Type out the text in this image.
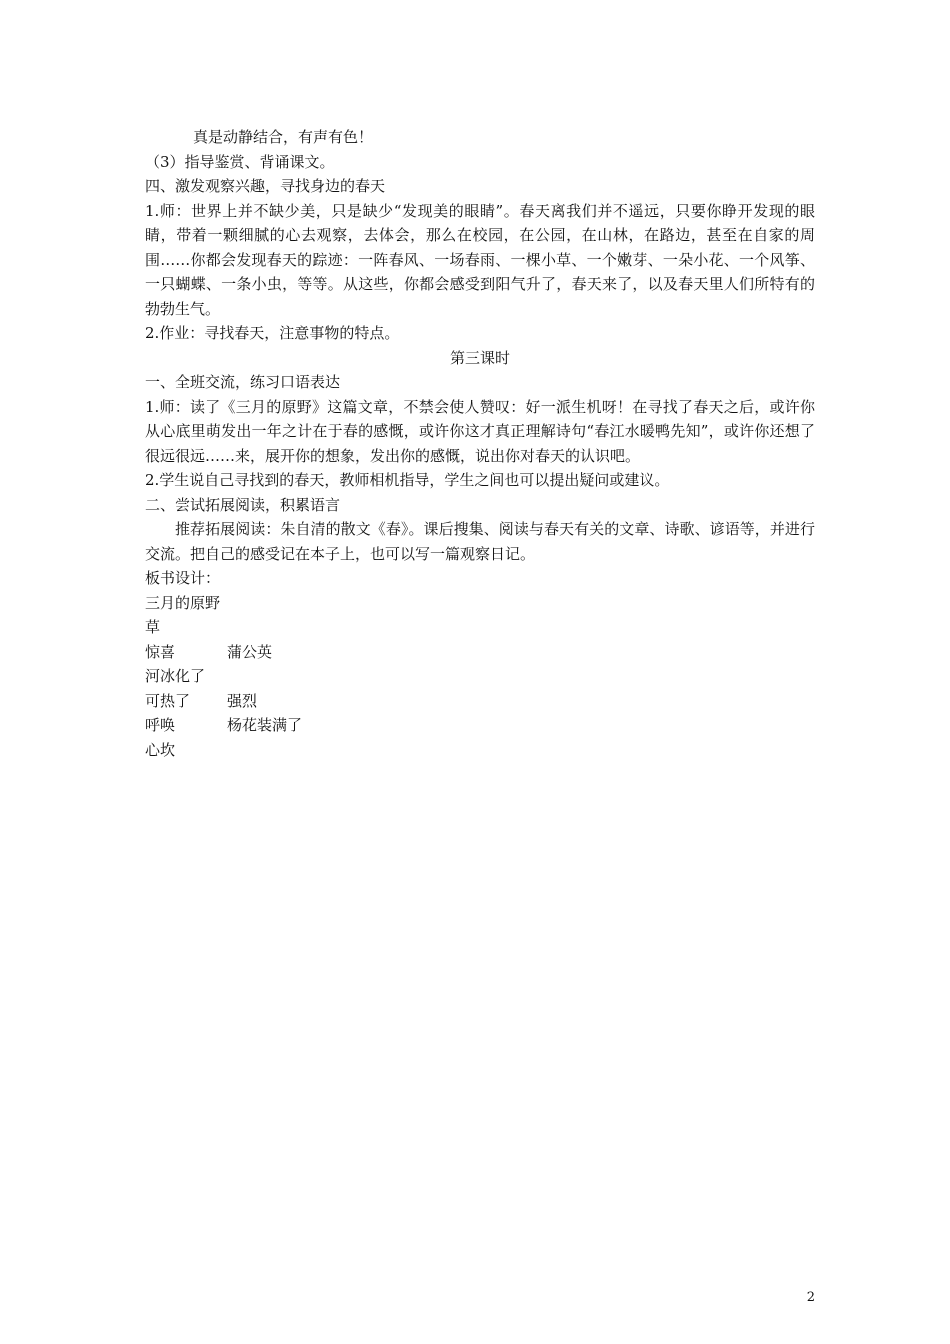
真是动静结合，有声有色！

（3）指导鉴赏、背诵课文。

四、激发观察兴趣，寻找身边的春天

1.师：世界上并不缺少美，只是缺少“发现美的眼睛”。春天离我们并不遥远，只要你睁开发现的眼睛，带着一颗细腻的心去观察，去体会，那么在校园，在公园，在山林，在路边，甚至在自家的周围……你都会发现春天的踪迹：一阵春风、一场春雨、一棵小草、一个嫩芽、一朵小花、一个风筝、一只蝴蝶、一条小虫，等等。从这些，你都会感受到阳气升了，春天来了，以及春天里人们所特有的勃勃生气。

2.作业：寻找春天，注意事物的特点。

第三课时

一、全班交流，练习口语表达

1.师：读了《三月的原野》这篇文章，不禁会使人赞叹：好一派生机呀！在寻找了春天之后，或许你从心底里萌发出一年之计在于春的感慨，或许你这才真正理解诗句“春江水暖鸭先知”，或许你还想了很远很远……来，展开你的想象，发出你的感慨，说出你对春天的认识吧。

2.学生说自己寻找到的春天，教师相机指导，学生之间也可以提出疑问或建议。

二、尝试拓展阅读，积累语言

推荐拓展阅读：朱自清的散文《春》。课后搜集、阅读与春天有关的文章、诗歌、谚语等，并进行交流。把自己的感受记在本子上，也可以写一篇观察日记。

板书设计：

三月的原野

草
惊喜	蒲公英
河冰化了
可热了	强烈
呼唤	杨花装满了
心坎
2
